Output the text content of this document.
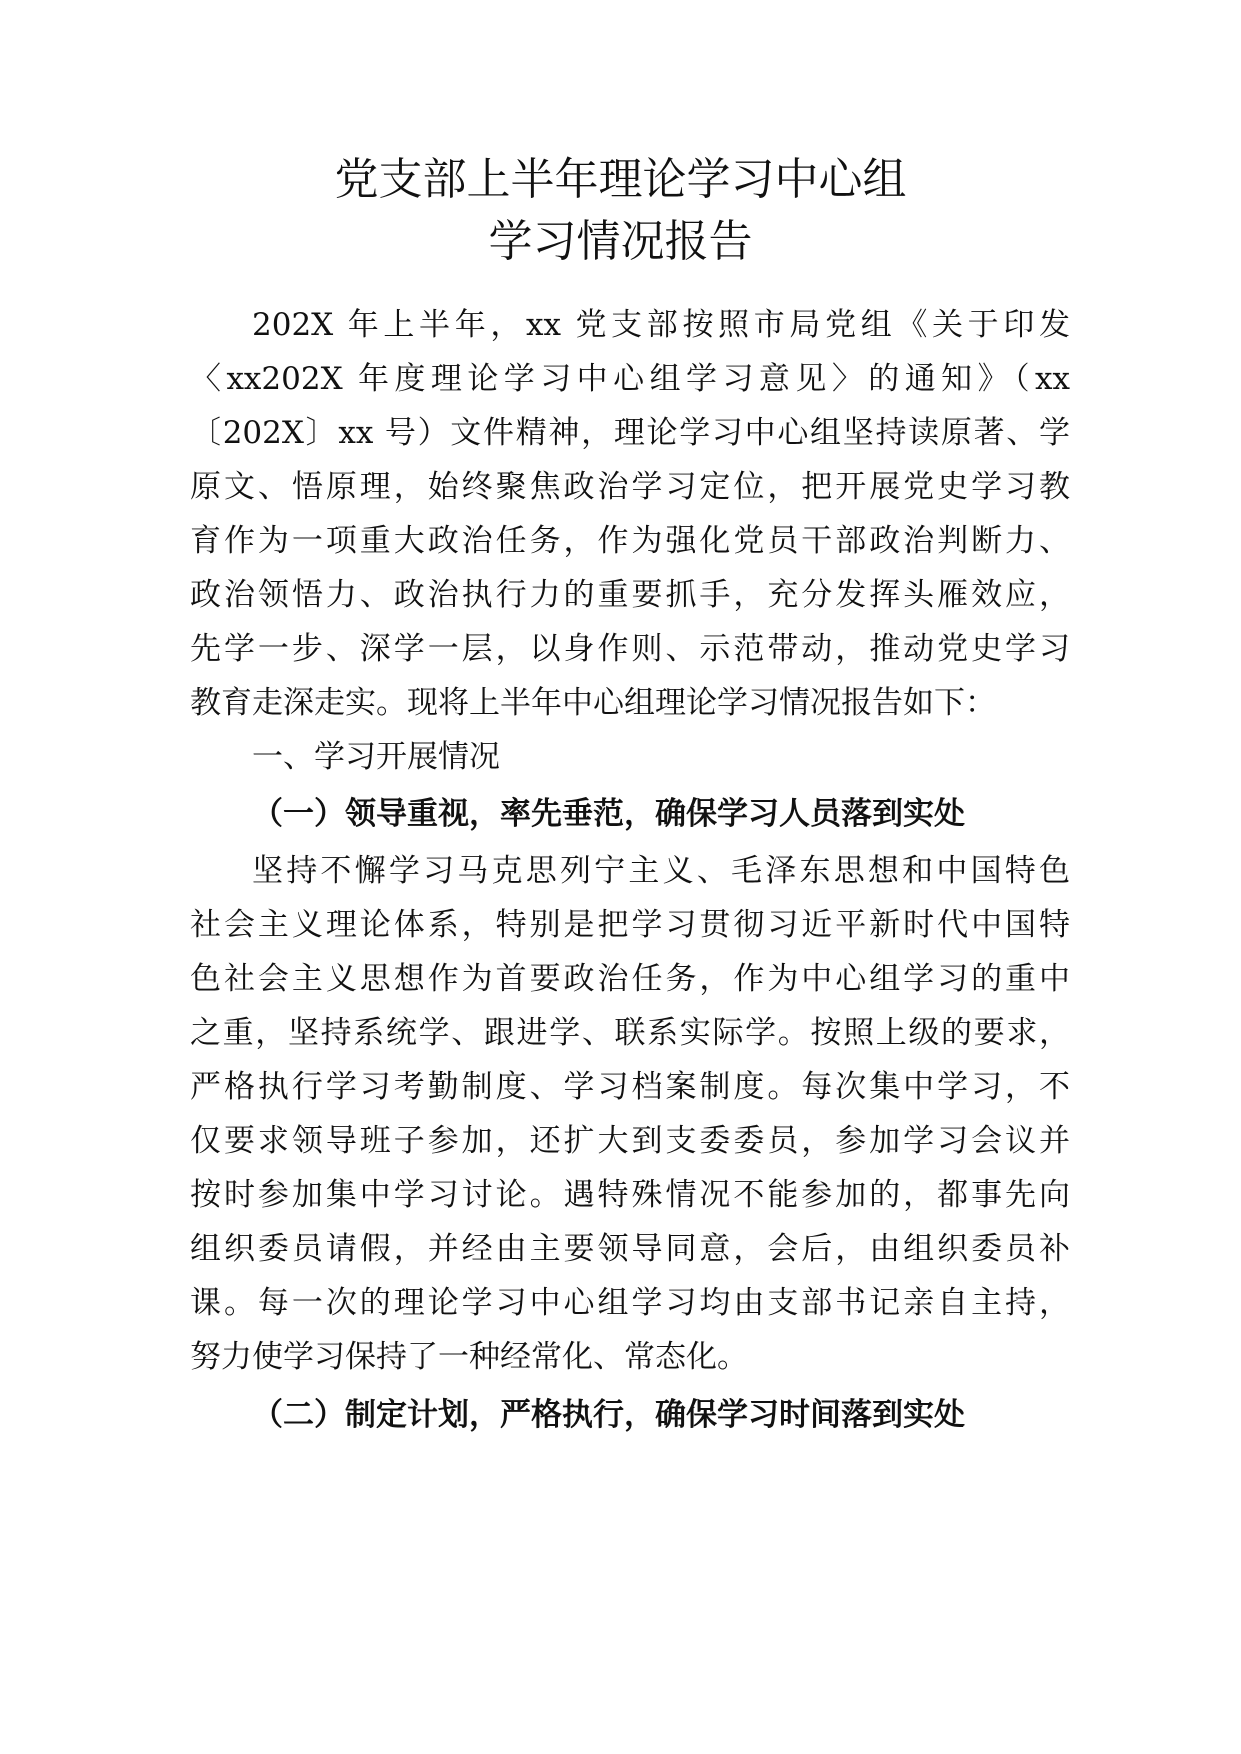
党支部上半年理论学习中心组
学习情况报告
202X 年上半年，xx 党支部按照市局党组《关于印发
〈xx202X 年度理论学习中心组学习意见〉的通知》（xx
〔202X〕xx 号）文件精神，理论学习中心组坚持读原著、学
原文、悟原理，始终聚焦政治学习定位，把开展党史学习教
育作为一项重大政治任务，作为强化党员干部政治判断力、
政治领悟力、政治执行力的重要抓手，充分发挥头雁效应，
先学一步、深学一层，以身作则、示范带动，推动党史学习
教育走深走实。现将上半年中心组理论学习情况报告如下：
一、学习开展情况
（一）领导重视，率先垂范，确保学习人员落到实处
坚持不懈学习马克思列宁主义、毛泽东思想和中国特色
社会主义理论体系，特别是把学习贯彻习近平新时代中国特
色社会主义思想作为首要政治任务，作为中心组学习的重中
之重，坚持系统学、跟进学、联系实际学。按照上级的要求，
严格执行学习考勤制度、学习档案制度。每次集中学习，不
仅要求领导班子参加，还扩大到支委委员，参加学习会议并
按时参加集中学习讨论。遇特殊情况不能参加的，都事先向
组织委员请假，并经由主要领导同意，会后，由组织委员补
课。每一次的理论学习中心组学习均由支部书记亲自主持，
努力使学习保持了一种经常化、常态化。
（二）制定计划，严格执行，确保学习时间落到实处
